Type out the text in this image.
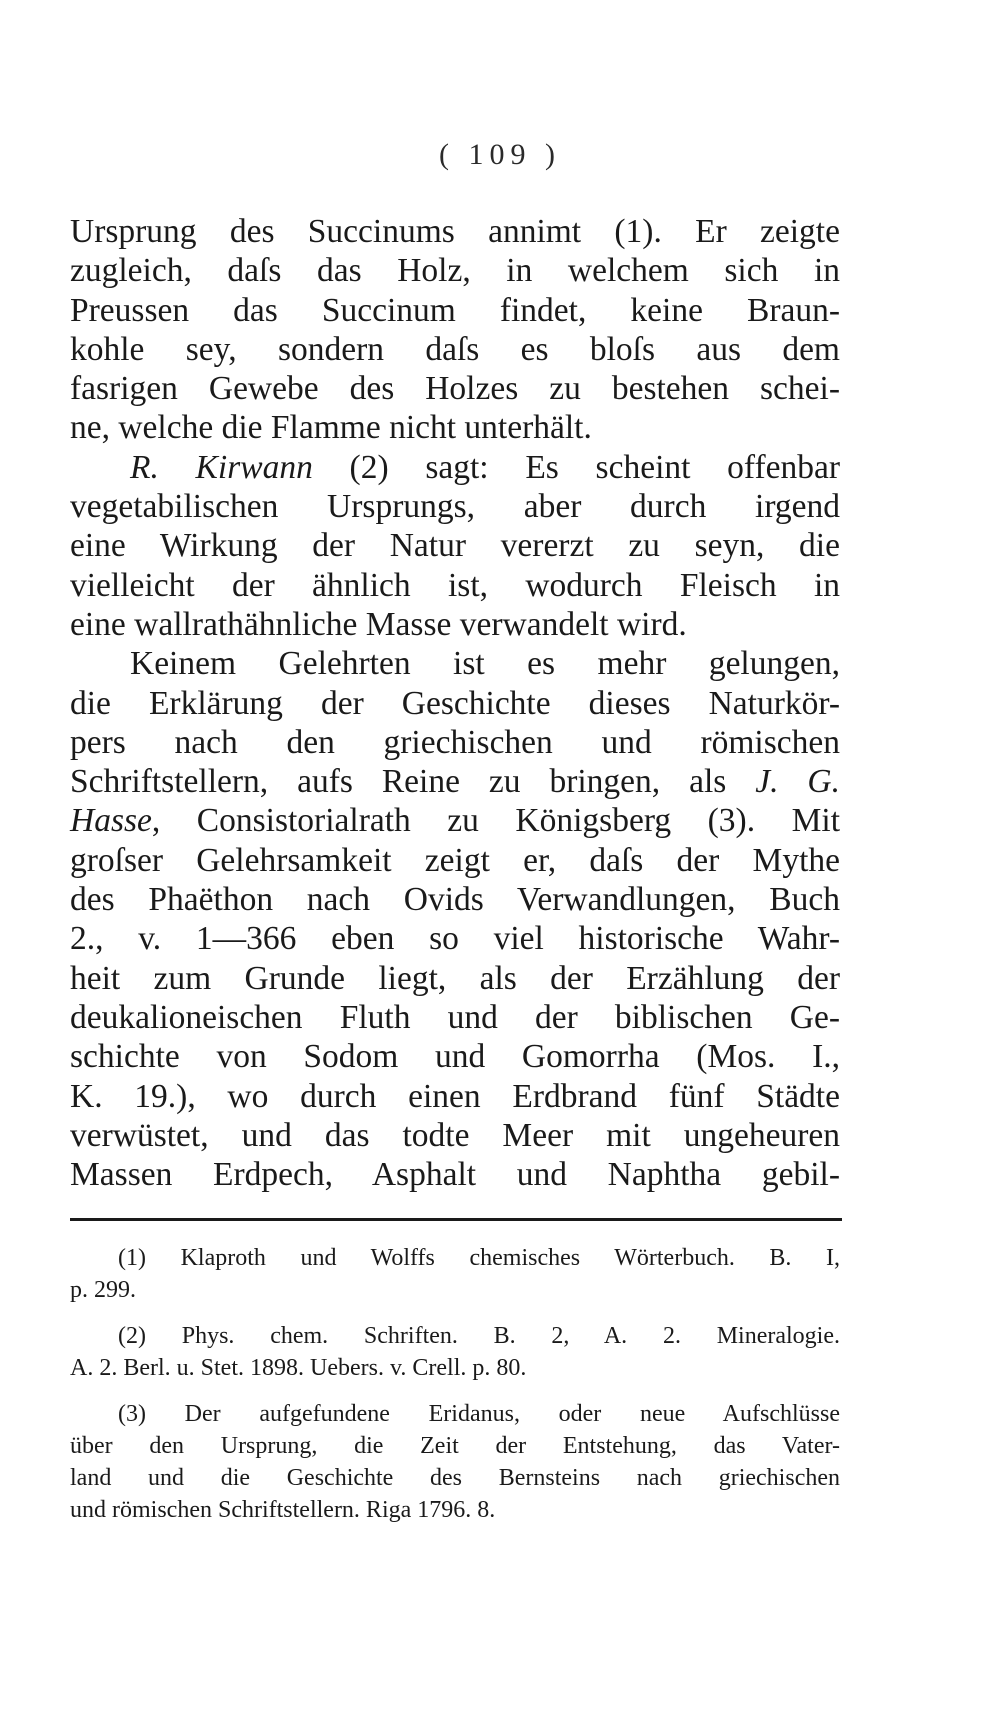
( 109 )
Ursprung des Succinums annimt (1). Er zeigte
zugleich, daſs das Holz, in welchem sich in
Preussen das Succinum findet, keine Braun-
kohle sey, sondern daſs es bloſs aus dem
fasrigen Gewebe des Holzes zu bestehen schei-
ne, welche die Flamme nicht unterhält.
R. Kirwann (2) sagt: Es scheint offenbar
vegetabilischen Ursprungs, aber durch irgend
eine Wirkung der Natur vererzt zu seyn, die
vielleicht der ähnlich ist, wodurch Fleisch in
eine wallrathähnliche Masse verwandelt wird.
Keinem Gelehrten ist es mehr gelungen,
die Erklärung der Geschichte dieses Naturkör-
pers nach den griechischen und römischen
Schriftstellern, aufs Reine zu bringen, als J. G.
Hasse, Consistorialrath zu Königsberg (3). Mit
groſser Gelehrsamkeit zeigt er, daſs der Mythe
des Phaëthon nach Ovids Verwandlungen, Buch
2., v. 1—366 eben so viel historische Wahr-
heit zum Grunde liegt, als der Erzählung der
deukalioneischen Fluth und der biblischen Ge-
schichte von Sodom und Gomorrha (Mos. I.,
K. 19.), wo durch einen Erdbrand fünf Städte
verwüstet, und das todte Meer mit ungeheuren
Massen Erdpech, Asphalt und Naphtha gebil-
(1) Klaproth und Wolffs chemisches Wörterbuch. B. I,
p. 299.
(2) Phys. chem. Schriften. B. 2, A. 2. Mineralogie.
A. 2. Berl. u. Stet. 1898. Uebers. v. Crell. p. 80.
(3) Der aufgefundene Eridanus, oder neue Aufschlüsse
über den Ursprung, die Zeit der Entstehung, das Vater-
land und die Geschichte des Bernsteins nach griechischen
und römischen Schriftstellern. Riga 1796. 8.
